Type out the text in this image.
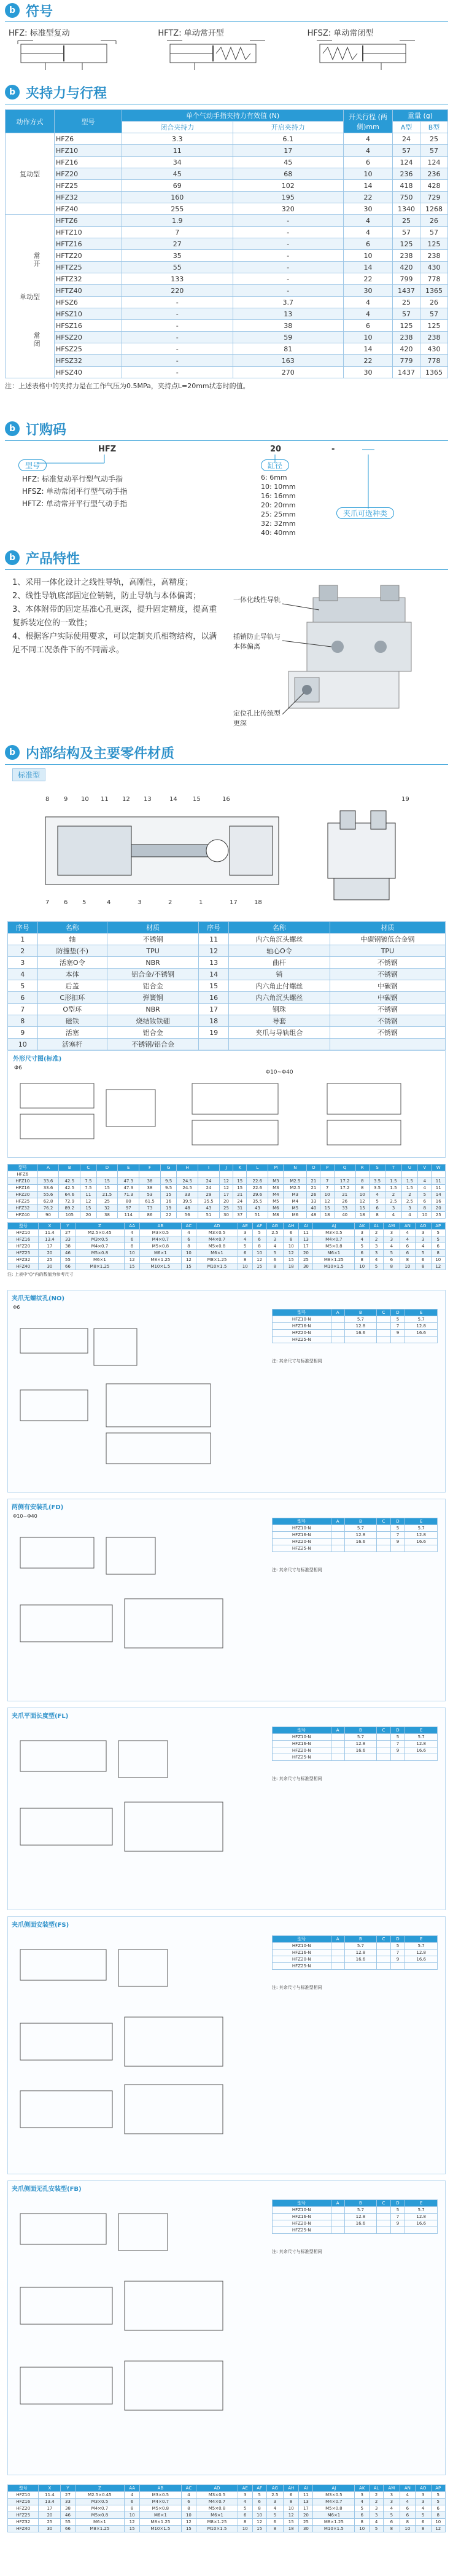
b 符号
HFZ: 标准型复动	HFTZ: 单动常开型	HFSZ: 单动常闭型
b 夹持力与行程
动作方式	型号	单个气动手指夹持力有效值 (N)		开关行程 (两侧)mm	重量 (g)	
		闭合夹持力	开启夹持力		A型	B型
复动型	HFZ6	3.3	6.1	4	24	25
	HFZ10	11	17	4	57	57
	HFZ16	34	45	6	124	124
	HFZ20	45	68	10	236	236
	HFZ25	69	102	14	418	428
	HFZ32	160	195	22	750	729
	HFZ40	255	320	30	1340	1268
单动型
常开
常闭	HFTZ6	1.9	-	4	25	26
	HFTZ10	7	-	4	57	57
	HFTZ16	27	-	6	125	125
	HFTZ20	35	-	10	238	238
	HFTZ25	55	-	14	420	430
	HFTZ32	133	-	22	799	778
	HFTZ40	220	-	30	1437	1365
	HFSZ6	-	3.7	4	25	26
	HFSZ10	-	13	4	57	57
	HFSZ16	-	38	6	125	125
	HFSZ20	-	59	10	238	238
	HFSZ25	-	81	14	420	430
	HFSZ32	-	163	22	779	778
	HFSZ40	-	270	30	1437	1365
注：上述表格中的夹持力是在工作气压为0.5MPa，夹持点L=20mm状态时的值。
b 订购码
HFZ	20	-
型号	缸径
夹爪可选种类
HFZ: 标准复动平行型气动手指
HFSZ: 单动常闭平行型气动手指
HFTZ: 单动常开平行型气动手指
6: 6mm
10: 10mm
16: 16mm
20: 20mm
25: 25mm
32: 32mm
40: 40mm
b 产品特性
1、采用一体化设计之线性导轨，高刚性，高精度；
2、线性导轨底部固定位销销，防止导轨与本体偏离；
3、本体附带的固定基准心孔更深，提升固定精度，提高重复拆装定位的一致性；
4、根据客户实际使用要求，可以定制夹爪相物结构，以满足不同工况条件下的不同需求。
一体化线性导轨
插销防止导轨与本体偏离
定位孔比传统型更深
b 内部结构及主要零件材质
标准型
8 9 10 11 12 13	14	15	16	19
7 6 5	4	3	2	1	17	18
序号	名称	材质	序号	名称	材质
1	轴	不锈钢	11	内六角沉头螺丝	中碳钢镀低合金钢
2	防撞垫(不)	TPU	12	轴心O令	TPU
3	活塞O令	NBR	13	曲杆	不锈钢
4	本体	铝合金/不锈钢	14	销	不锈钢
5	后盖	铝合金	15	内六角止付螺丝	中碳钢
6	C形扣环	弹簧钢	16	内六角沉头螺丝	中碳钢
7	O型环	NBR	17	钢珠	不锈钢
8	磁铁	烧结钕铁硼	18	导套	不锈钢
9	活塞	铝合金	19	夹爪与导轨组合	不锈钢
10	活塞杆	不锈钢/铝合金			
外形尺寸图(标准)
Φ6
Φ10~Φ40
型号	A	B	C	D	E	F	G	H	I	J	K	L	M	N	O	P	Q	R	S	T	U	V	W
HFZ6																							
HFZ10	33.6	42.5	7.5	15	47.3	38	9.5	24.5	24	12	15	22.6	M3	M2.5	21	7	17.2	8	3.5	1.5	1.5	4	11
HFZ16	33.6	42.5	7.5	15	47.3	38	9.5	24.5	24	12	15	22.6	M3	M2.5	21	7	17.2	8	3.5	1.5	1.5	4	11
HFZ20	55.6	64.6	11	21.5	71.3	53	15	33	29	17	21	29.6	M4	M3	26	10	21	10	4	2	2	5	14
HFZ25	62.8	72.9	12	25	80	61.5	16	39.5	35.5	20	24	35.5	M5	M4	33	12	26	12	5	2.5	2.5	6	16
HFZ32	76.2	89.2	15	32	97	73	19	48	43	25	31	43	M6	M5	40	15	33	15	6	3	3	8	20
HFZ40	90	105	20	38	114	86	22	56	51	30	37	51	M8	M6	48	18	40	18	8	4	4	10	25
型号	X	Y	Z	AA	AB	AC	AD	AE	AF	AG	AH	AI	AJ	AK	AL	AM	AN	AO	AP
HFZ10	11.4	27	M2.5×0.45	4	M3×0.5	4	M3×0.5	3	5	2.5	6	11	M3×0.5	3	2	3	4	3	5
HFZ16	13.4	33	M3×0.5	6	M4×0.7	6	M4×0.7	4	6	3	8	13	M4×0.7	4	2	3	4	3	5
HFZ20	17	38	M4×0.7	8	M5×0.8	8	M5×0.8	5	8	4	10	17	M5×0.8	5	3	4	6	4	6
HFZ25	20	46	M5×0.8	10	M6×1	10	M6×1	6	10	5	12	20	M6×1	6	3	5	6	5	8
HFZ32	25	55	M6×1	12	M8×1.25	12	M8×1.25	8	12	6	15	25	M8×1.25	8	4	6	8	6	10
HFZ40	30	66	M8×1.25	15	M10×1.5	15	M10×1.5	10	15	8	18	30	M10×1.5	10	5	8	10	8	12
注: 上表中"()"内的数值为参考尺寸
夹爪无螺纹孔(NO)
Φ6
型号	A	B	C	D	E
HFZ10-N		5.7		5	5.7
HFZ16-N		12.8		7	12.8
HFZ20-N		16.6		9	16.6
HFZ25-N					
注: 其余尺寸与标准型相同
两侧有安装孔(FD)
Φ10~Φ40
型号	A	B	C	D	E
HFZ10-N		5.7		5	5.7
HFZ16-N		12.8		7	12.8
HFZ20-N		16.6		9	16.6
HFZ25-N					
注: 其余尺寸与标准型相同
夹爪平面长度型(FL)
型号	A	B	C	D	E
HFZ10-N		5.7		5	5.7
HFZ16-N		12.8		7	12.8
HFZ20-N		16.6		9	16.6
HFZ25-N					
注: 其余尺寸与标准型相同
夹爪侧面安装型(FS)
型号	A	B	C	D	E
HFZ10-N		5.7		5	5.7
HFZ16-N		12.8		7	12.8
HFZ20-N		16.6		9	16.6
HFZ25-N					
注: 其余尺寸与标准型相同
夹爪侧面无孔安装型(FB)
型号	A	B	C	D	E
HFZ10-N		5.7		5	5.7
HFZ16-N		12.8		7	12.8
HFZ20-N		16.6		9	16.6
HFZ25-N					
注: 其余尺寸与标准型相同
型号	X	Y	Z	AA	AB	AC	AD	AE	AF	AG	AH	AI	AJ	AK	AL	AM	AN	AO	AP
HFZ10	11.4	27	M2.5×0.45	4	M3×0.5	4	M3×0.5	3	5	2.5	6	11	M3×0.5	3	2	3	4	3	5
HFZ16	13.4	33	M3×0.5	6	M4×0.7	6	M4×0.7	4	6	3	8	13	M4×0.7	4	2	3	4	3	5
HFZ20	17	38	M4×0.7	8	M5×0.8	8	M5×0.8	5	8	4	10	17	M5×0.8	5	3	4	6	4	6
HFZ25	20	46	M5×0.8	10	M6×1	10	M6×1	6	10	5	12	20	M6×1	6	3	5	6	5	8
HFZ32	25	55	M6×1	12	M8×1.25	12	M8×1.25	8	12	6	15	25	M8×1.25	8	4	6	8	6	10
HFZ40	30	66	M8×1.25	15	M10×1.5	15	M10×1.5	10	15	8	18	30	M10×1.5	10	5	8	10	8	12
